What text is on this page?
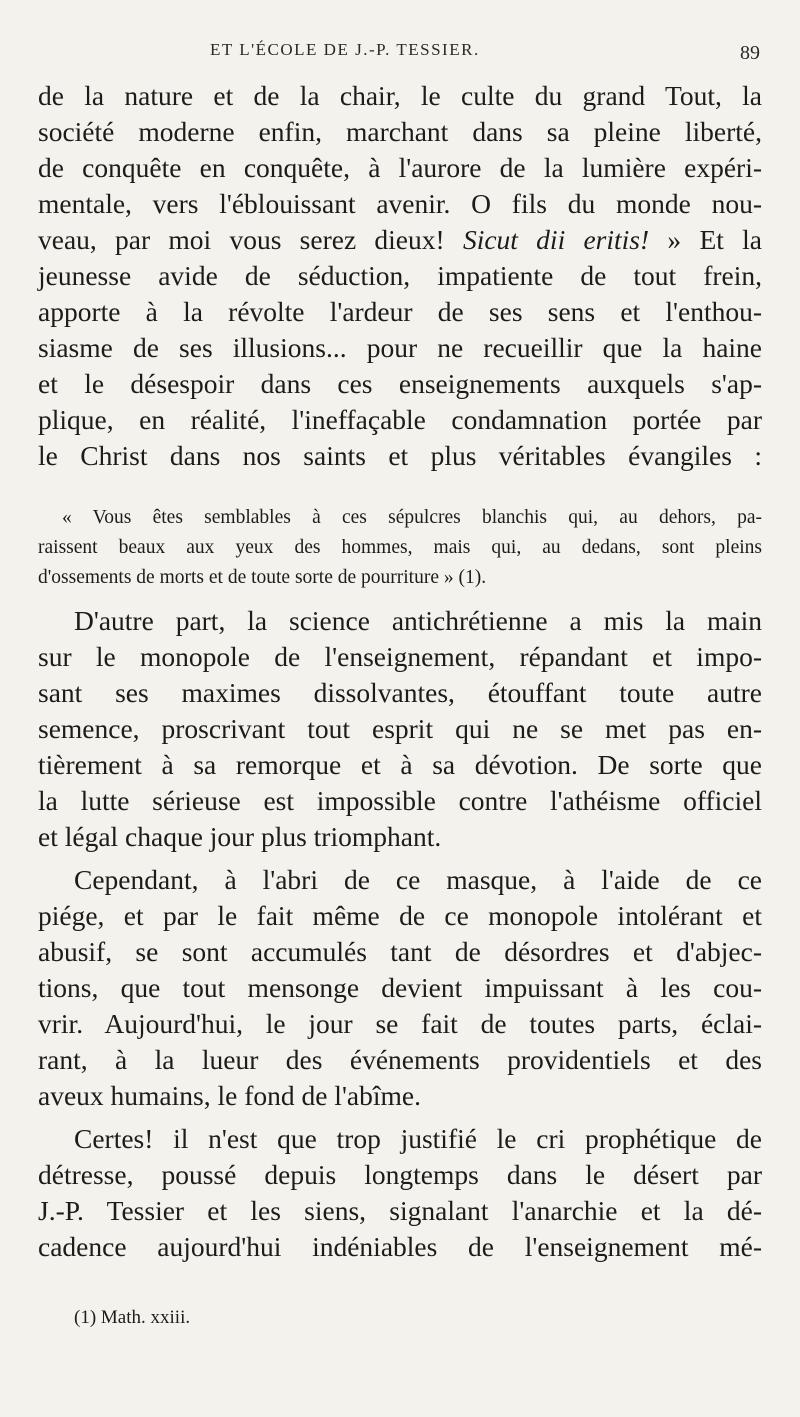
ET L'ÉCOLE DE J.-P. TESSIER.	89
de la nature et de la chair, le culte du grand Tout, la
société moderne enfin, marchant dans sa pleine liberté,
de conquête en conquête, à l'aurore de la lumière expéri-
mentale, vers l'éblouissant avenir. O fils du monde nou-
veau, par moi vous serez dieux! Sicut dii eritis! » Et la
jeunesse avide de séduction, impatiente de tout frein,
apporte à la révolte l'ardeur de ses sens et l'enthou-
siasme de ses illusions... pour ne recueillir que la haine
et le désespoir dans ces enseignements auxquels s'ap-
plique, en réalité, l'ineffaçable condamnation portée par
le Christ dans nos saints et plus véritables évangiles :
« Vous êtes semblables à ces sépulcres blanchis qui, au dehors, pa-
raissent beaux aux yeux des hommes, mais qui, au dedans, sont pleins
d'ossements de morts et de toute sorte de pourriture » (1).
D'autre part, la science antichrétienne a mis la main
sur le monopole de l'enseignement, répandant et impo-
sant ses maximes dissolvantes, étouffant toute autre
semence, proscrivant tout esprit qui ne se met pas en-
tièrement à sa remorque et à sa dévotion. De sorte que
la lutte sérieuse est impossible contre l'athéisme officiel
et légal chaque jour plus triomphant.
Cependant, à l'abri de ce masque, à l'aide de ce
piége, et par le fait même de ce monopole intolérant et
abusif, se sont accumulés tant de désordres et d'abjec-
tions, que tout mensonge devient impuissant à les cou-
vrir. Aujourd'hui, le jour se fait de toutes parts, éclai-
rant, à la lueur des événements providentiels et des
aveux humains, le fond de l'abîme.
Certes! il n'est que trop justifié le cri prophétique de
détresse, poussé depuis longtemps dans le désert par
J.-P. Tessier et les siens, signalant l'anarchie et la dé-
cadence aujourd'hui indéniables de l'enseignement mé-
(1) Math. xxiii.
